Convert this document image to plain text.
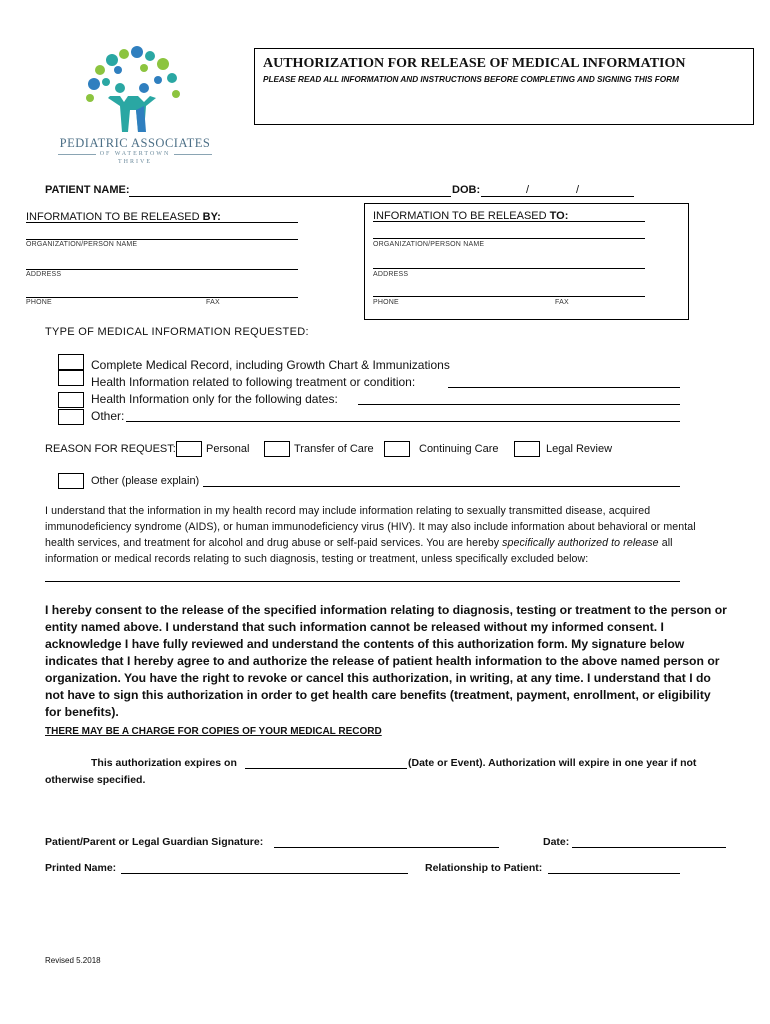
PEDIATRIC ASSOCIATES
OF WATERTOWN
THRIVE
AUTHORIZATION FOR RELEASE OF MEDICAL INFORMATION
PLEASE READ ALL INFORMATION AND INSTRUCTIONS BEFORE COMPLETING AND SIGNING THIS FORM
PATIENT NAME:	DOB:	/	/
INFORMATION TO BE RELEASED BY:
ORGANIZATION/PERSON NAME
ADDRESS
PHONE	FAX
INFORMATION TO BE RELEASED TO:
ORGANIZATION/PERSON NAME
ADDRESS
PHONE	FAX
TYPE OF MEDICAL INFORMATION REQUESTED:
Complete Medical Record, including Growth Chart & Immunizations
Health Information related to following treatment or condition:
Health Information only for the following dates:
Other:
REASON FOR REQUEST:	Personal	Transfer of Care	Continuing Care	Legal Review
Other (please explain)
I understand that the information in my health record may include information relating to sexually transmitted disease, acquired immunodeficiency syndrome (AIDS), or human immunodeficiency virus (HIV). It may also include information about behavioral or mental health services, and treatment for alcohol and drug abuse or self-paid services. You are hereby specifically authorized to release all information or medical records relating to such diagnosis, testing or treatment, unless specifically excluded below:
I hereby consent to the release of the specified information relating to diagnosis, testing or treatment to the person or entity named above. I understand that such information cannot be released without my informed consent. I acknowledge I have fully reviewed and understand the contents of this authorization form. My signature below indicates that I hereby agree to and authorize the release of patient health information to the above named person or organization. You have the right to revoke or cancel this authorization, in writing, at any time. I understand that I do not have to sign this authorization in order to get health care benefits (treatment, payment, enrollment, or eligibility for benefits).
THERE MAY BE A CHARGE FOR COPIES OF YOUR MEDICAL RECORD
This authorization expires on	(Date or Event). Authorization will expire in one year if not
otherwise specified.
Patient/Parent or Legal Guardian Signature:	Date:
Printed Name:	Relationship to Patient:
Revised 5.2018
